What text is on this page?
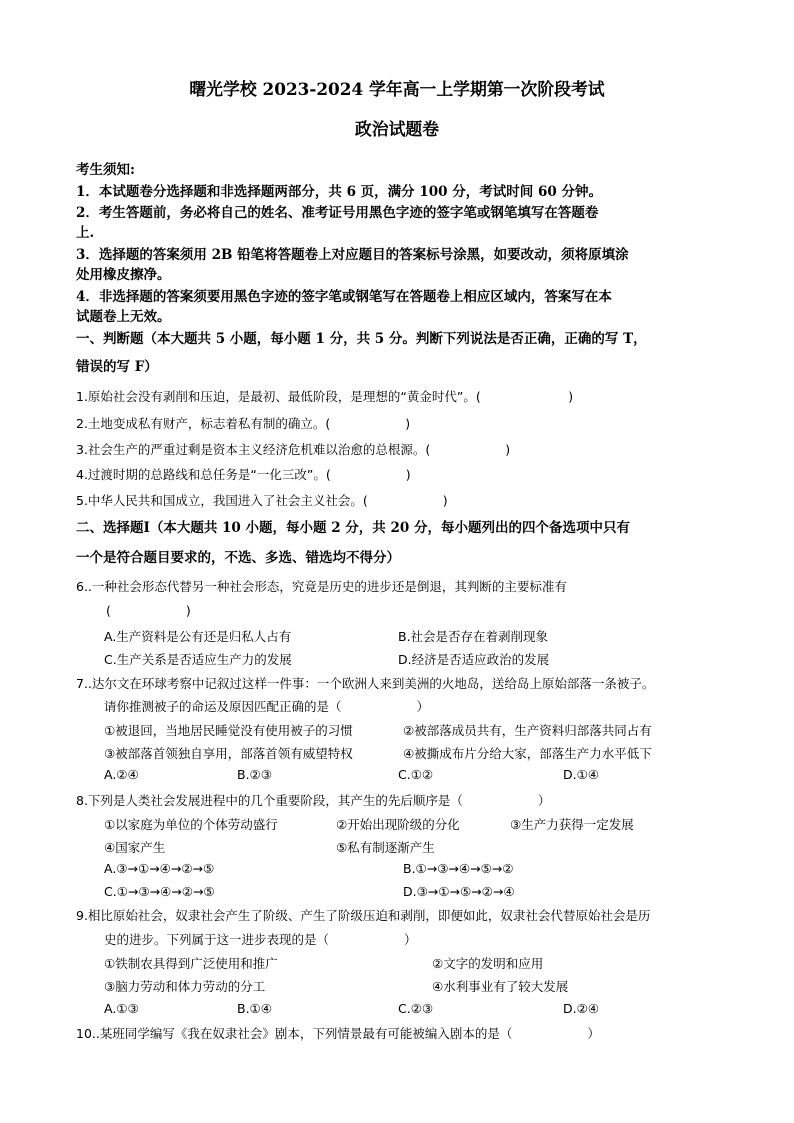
曙光学校 2023-2024 学年高一上学期第一次阶段考试
政治试题卷
考生须知:
1．本试题卷分选择题和非选择题两部分，共 6 页，满分 100 分，考试时间 60 分钟。
2．考生答题前，务必将自己的姓名、准考证号用黑色字迹的签字笔或钢笔填写在答题卷
上.
3．选择题的答案须用 2B 铅笔将答题卷上对应题目的答案标号涂黑，如要改动，须将原填涂
处用橡皮擦净。
4．非选择题的答案须要用黑色字迹的签字笔或钢笔写在答题卷上相应区域内，答案写在本
试题卷上无效。
一、判断题（本大题共 5 小题，每小题 1 分，共 5 分。判断下列说法是否正确，正确的写 T，
错误的写 F）
1.原始社会没有剥削和压迫，是最初、最低阶段，是理想的“黄金时代”。(　　　　　　　)
2.土地变成私有财产，标志着私有制的确立。(　　　　　　)
3.社会生产的严重过剩是资本主义经济危机难以治愈的总根源。(　　　　　　)
4.过渡时期的总路线和总任务是“一化三改”。(　　　　　　)
5.中华人民共和国成立，我国进入了社会主义社会。(　　　　　　)
二、选择题Ⅰ（本大题共 10 小题，每小题 2 分，共 20 分，每小题列出的四个备选项中只有
一个是符合题目要求的，不选、多选、错选均不得分）
6..一种社会形态代替另一种社会形态，究竟是历史的进步还是倒退，其判断的主要标准有
(　　　　　　)
A.生产资料是公有还是归私人占有	B.社会是否存在着剥削现象
C.生产关系是否适应生产力的发展	D.经济是否适应政治的发展
7..达尔文在环球考察中记叙过这样一件事：一个欧洲人来到美洲的火地岛，送给岛上原始部落一条被子。
请你推测被子的命运及原因匹配正确的是（　　　　　　）
①被退回，当地居民睡觉没有使用被子的习惯	②被部落成员共有，生产资料归部落共同占有
③被部落首领独自享用，部落首领有威望特权	④被撕成布片分给大家，部落生产力水平低下
A.②④	B.②③	C.①②	D.①④
8.下列是人类社会发展进程中的几个重要阶段，其产生的先后顺序是（　　　　　　）
①以家庭为单位的个体劳动盛行	②开始出现阶级的分化	③生产力获得一定发展
④国家产生	⑤私有制逐渐产生
A.③→①→④→②→⑤	B.①→③→④→⑤→②
C.①→③→④→②→⑤	D.③→①→⑤→②→④
9.相比原始社会，奴隶社会产生了阶级、产生了阶级压迫和剥削，即便如此，奴隶社会代替原始社会是历
史的进步。下列属于这一进步表现的是（　　　　　　）
①铁制农具得到广泛使用和推广	②文字的发明和应用
③脑力劳动和体力劳动的分工	④水利事业有了较大发展
A.①③	B.①④	C.②③	D.②④
10..某班同学编写《我在奴隶社会》剧本，下列情景最有可能被编入剧本的是（　　　　　　）
